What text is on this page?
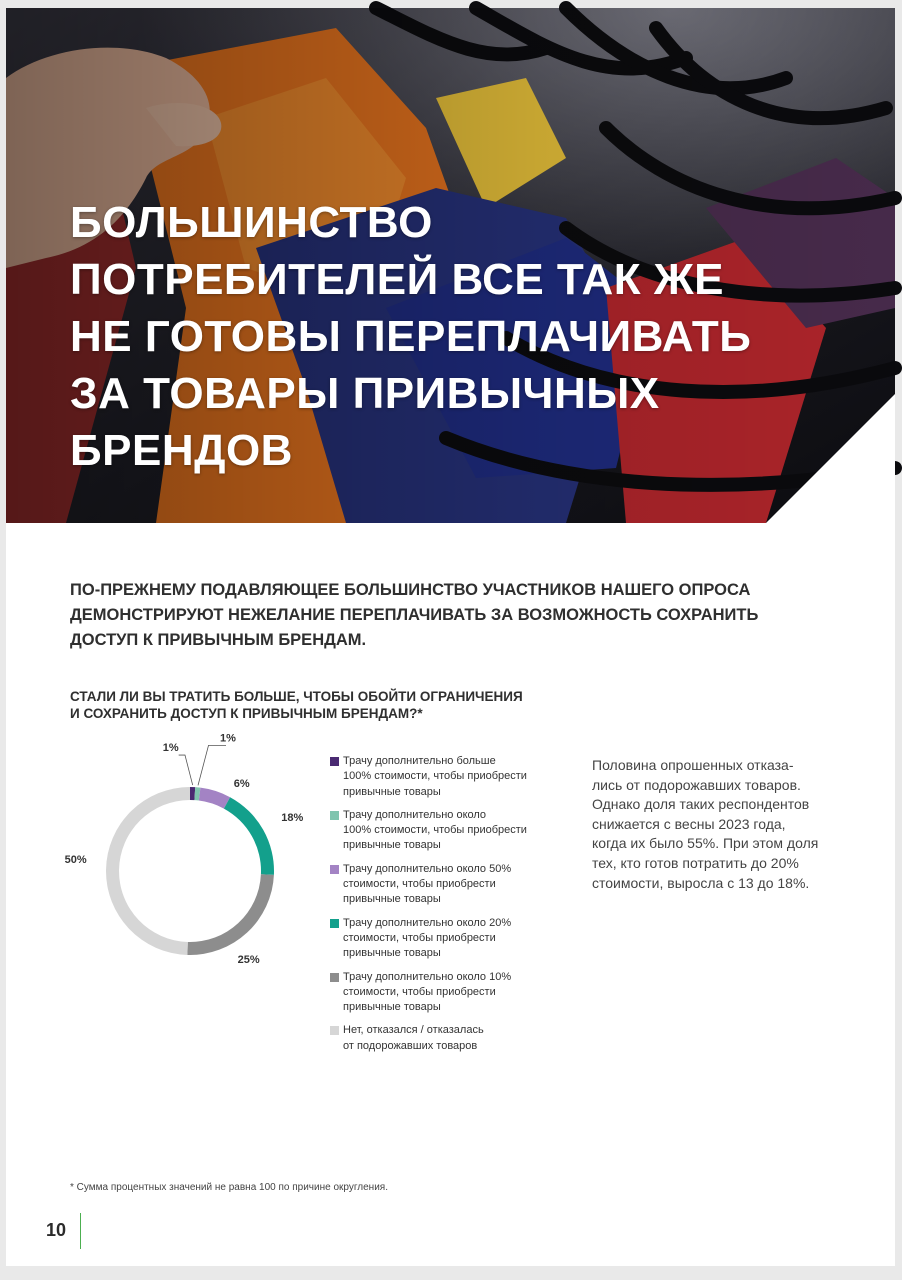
БОЛЬШИНСТВО
ПОТРЕБИТЕЛЕЙ ВСЕ ТАК ЖЕ
НЕ ГОТОВЫ ПЕРЕПЛАЧИВАТЬ
ЗА ТОВАРЫ ПРИВЫЧНЫХ
БРЕНДОВ
ПО-ПРЕЖНЕМУ ПОДАВЛЯЮЩЕЕ БОЛЬШИНСТВО УЧАСТНИКОВ НАШЕГО ОПРОСА
ДЕМОНСТРИРУЮТ НЕЖЕЛАНИЕ ПЕРЕПЛАЧИВАТЬ ЗА ВОЗМОЖНОСТЬ СОХРАНИТЬ
ДОСТУП К ПРИВЫЧНЫМ БРЕНДАМ.
СТАЛИ ЛИ ВЫ ТРАТИТЬ БОЛЬШЕ, ЧТОБЫ ОБОЙТИ ОГРАНИЧЕНИЯ
И СОХРАНИТЬ ДОСТУП К ПРИВЫЧНЫМ БРЕНДАМ?*
1%
1%
6%
18%
25%
50%
Трачу дополнительно больше
100% стоимости, чтобы приобрести
привычные товары
Трачу дополнительно около
100% стоимости, чтобы приобрести
привычные товары
Трачу дополнительно около 50%
стоимости, чтобы приобрести
привычные товары
Трачу дополнительно около 20%
стоимости, чтобы приобрести
привычные товары
Трачу дополнительно около 10%
стоимости, чтобы приобрести
привычные товары
Нет, отказался / отказалась
от подорожавших товаров
Половина опрошенных отказа-
лись от подорожавших товаров.
Однако доля таких респондентов
снижается с весны 2023 года,
когда их было 55%. При этом доля
тех, кто готов потратить до 20%
стоимости, выросла с 13 до 18%.
* Сумма процентных значений не равна 100 по причине округления.
10
